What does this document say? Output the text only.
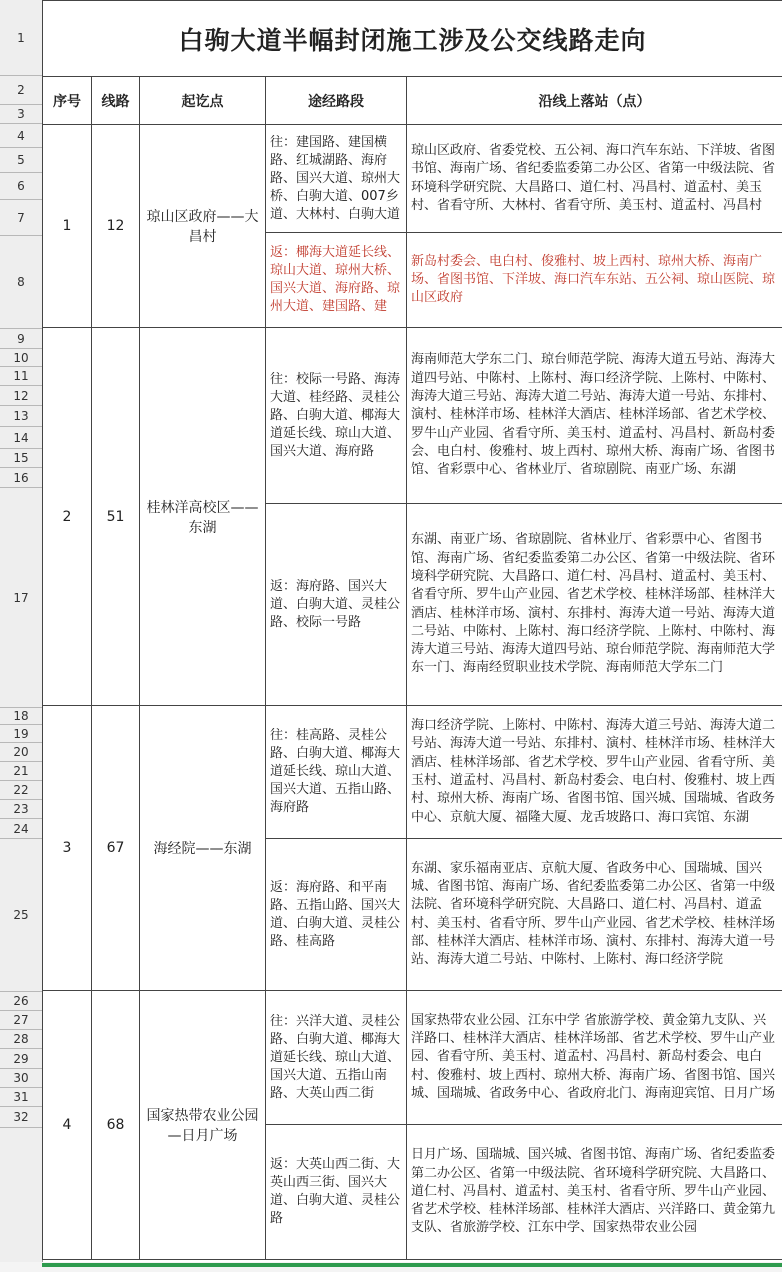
1
2
3
4
5
6
7
8
9
10
11
12
13
14
15
16
17
18
19
20
21
22
23
24
25
26
27
28
29
30
31
32
白驹大道半幅封闭施工涉及公交线路走向				
序号	线路	起讫点	途经路段	沿线上落站（点）
1	12	琼山区政府——大昌村	往：建国路、建国横路、红城湖路、海府路、国兴大道、琼州大桥、白驹大道、007乡道、大林村、白驹大道	琼山区政府、省委党校、五公祠、海口汽车东站、下洋坡、省图书馆、海南广场、省纪委监委第二办公区、省第一中级法院、省环境科学研究院、大昌路口、道仁村、冯昌村、道孟村、美玉村、省看守所、大林村、省看守所、美玉村、道孟村、冯昌村
			返：椰海大道延长线、琼山大道、琼州大桥、国兴大道、海府路、琼州大道、建国路、建	新岛村委会、电白村、俊雅村、坡上西村、琼州大桥、海南广场、省图书馆、下洋坡、海口汽车东站、五公祠、琼山医院、琼山区政府
2	51	桂林洋高校区——东湖	往：校际一号路、海涛大道、桂经路、灵桂公路、白驹大道、椰海大道延长线、琼山大道、国兴大道、海府路	海南师范大学东二门、琼台师范学院、海涛大道五号站、海涛大道四号站、中陈村、上陈村、海口经济学院、上陈村、中陈村、海涛大道三号站、海涛大道二号站、海涛大道一号站、东排村、演村、桂林洋市场、桂林洋大酒店、桂林洋场部、省艺术学校、罗牛山产业园、省看守所、美玉村、道孟村、冯昌村、新岛村委会、电白村、俊雅村、坡上西村、琼州大桥、海南广场、省图书馆、省彩票中心、省林业厅、省琼剧院、南亚广场、东湖
			返：海府路、国兴大道、白驹大道、灵桂公路、校际一号路	东湖、南亚广场、省琼剧院、省林业厅、省彩票中心、省图书馆、海南广场、省纪委监委第二办公区、省第一中级法院、省环境科学研究院、大昌路口、道仁村、冯昌村、道孟村、美玉村、省看守所、罗牛山产业园、省艺术学校、桂林洋场部、桂林洋大酒店、桂林洋市场、演村、东排村、海涛大道一号站、海涛大道二号站、中陈村、上陈村、海口经济学院、上陈村、中陈村、海涛大道三号站、海涛大道四号站、琼台师范学院、海南师范大学东一门、海南经贸职业技术学院、海南师范大学东二门
3	67	海经院——东湖	往：桂高路、灵桂公路、白驹大道、椰海大道延长线、琼山大道、国兴大道、五指山路、海府路	海口经济学院、上陈村、中陈村、海涛大道三号站、海涛大道二号站、海涛大道一号站、东排村、演村、桂林洋市场、桂林洋大酒店、桂林洋场部、省艺术学校、罗牛山产业园、省看守所、美玉村、道孟村、冯昌村、新岛村委会、电白村、俊雅村、坡上西村、琼州大桥、海南广场、省图书馆、国兴城、国瑞城、省政务中心、京航大厦、福隆大厦、龙舌坡路口、海口宾馆、东湖
			返：海府路、和平南路、五指山路、国兴大道、白驹大道、灵桂公路、桂高路	东湖、家乐福南亚店、京航大厦、省政务中心、国瑞城、国兴城、省图书馆、海南广场、省纪委监委第二办公区、省第一中级法院、省环境科学研究院、大昌路口、道仁村、冯昌村、道孟村、美玉村、省看守所、罗牛山产业园、省艺术学校、桂林洋场部、桂林洋大酒店、桂林洋市场、演村、东排村、海涛大道一号站、海涛大道二号站、中陈村、上陈村、海口经济学院
4	68	国家热带农业公园—日月广场	往：兴洋大道、灵桂公路、白驹大道、椰海大道延长线、琼山大道、国兴大道、五指山南路、大英山西二街	国家热带农业公园、江东中学 省旅游学校、黄金第九支队、兴洋路口、桂林洋大酒店、桂林洋场部、省艺术学校、罗牛山产业园、省看守所、美玉村、道孟村、冯昌村、新岛村委会、电白村、俊雅村、坡上西村、琼州大桥、海南广场、省图书馆、国兴城、国瑞城、省政务中心、省政府北门、海南迎宾馆、日月广场
			返：大英山西二街、大英山西三街、国兴大道、白驹大道、灵桂公路	日月广场、国瑞城、国兴城、省图书馆、海南广场、省纪委监委第二办公区、省第一中级法院、省环境科学研究院、大昌路口、道仁村、冯昌村、道孟村、美玉村、省看守所、罗牛山产业园、省艺术学校、桂林洋场部、桂林洋大酒店、兴洋路口、黄金第九支队、省旅游学校、江东中学、国家热带农业公园
